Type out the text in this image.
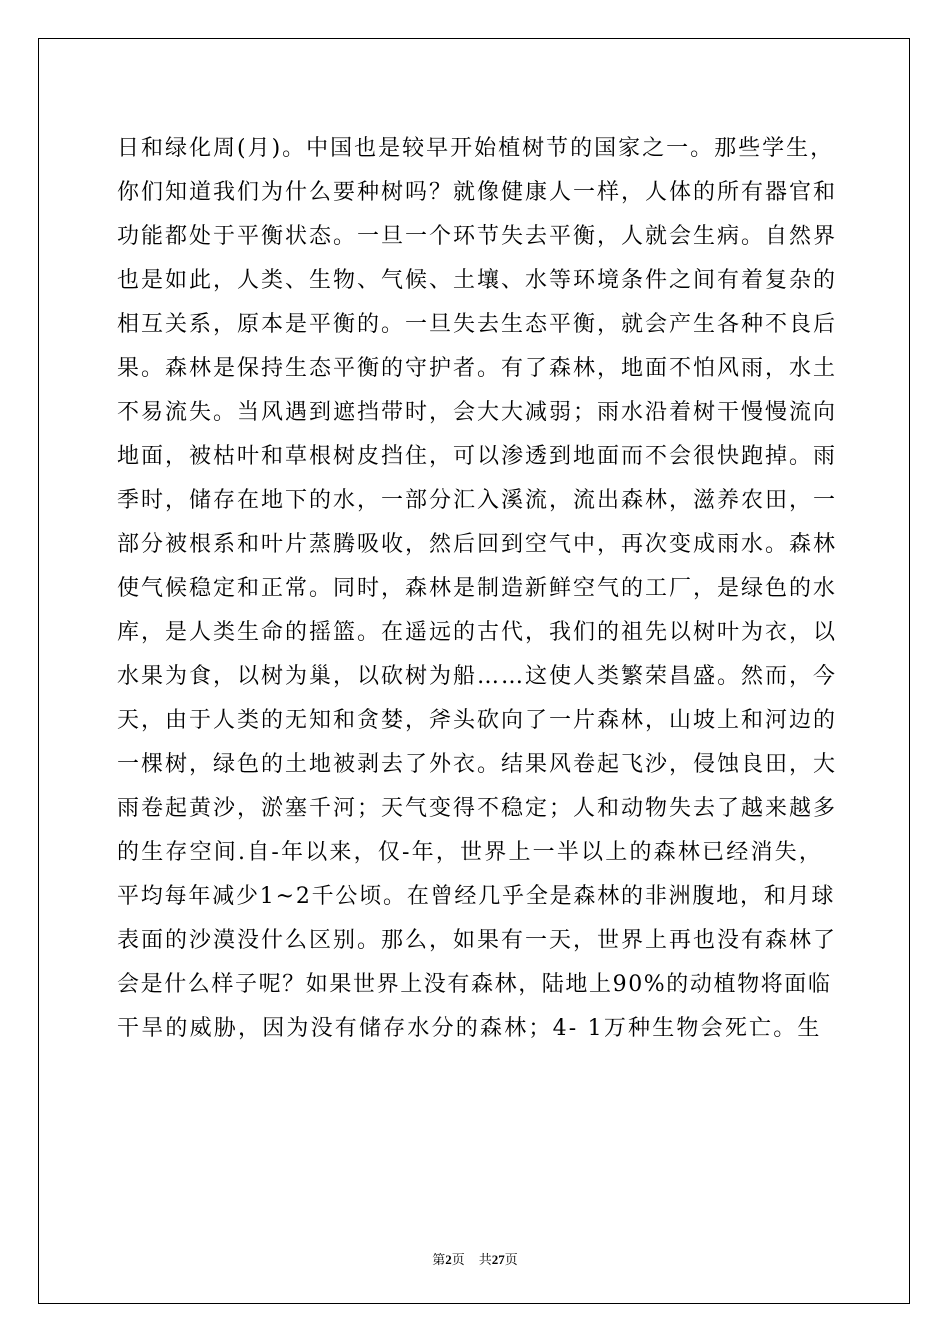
日和绿化周(月)。中国也是较早开始植树节的国家之一。那些学生，
你们知道我们为什么要种树吗？就像健康人一样，人体的所有器官和
功能都处于平衡状态。一旦一个环节失去平衡，人就会生病。自然界
也是如此，人类、生物、气候、土壤、水等环境条件之间有着复杂的
相互关系，原本是平衡的。一旦失去生态平衡，就会产生各种不良后
果。森林是保持生态平衡的守护者。有了森林，地面不怕风雨，水土
不易流失。当风遇到遮挡带时，会大大减弱；雨水沿着树干慢慢流向
地面，被枯叶和草根树皮挡住，可以渗透到地面而不会很快跑掉。雨
季时，储存在地下的水，一部分汇入溪流，流出森林，滋养农田，一
部分被根系和叶片蒸腾吸收，然后回到空气中，再次变成雨水。森林
使气候稳定和正常。同时，森林是制造新鲜空气的工厂，是绿色的水
库，是人类生命的摇篮。在遥远的古代，我们的祖先以树叶为衣，以
水果为食，以树为巢，以砍树为船……这使人类繁荣昌盛。然而，今
天，由于人类的无知和贪婪，斧头砍向了一片森林，山坡上和河边的
一棵树，绿色的土地被剥去了外衣。结果风卷起飞沙，侵蚀良田，大
雨卷起黄沙，淤塞千河；天气变得不稳定；人和动物失去了越来越多
的生存空间.自-年以来，仅-年，世界上一半以上的森林已经消失，
平均每年减少1~2千公顷。在曾经几乎全是森林的非洲腹地，和月球
表面的沙漠没什么区别。那么，如果有一天，世界上再也没有森林了
会是什么样子呢？如果世界上没有森林，陆地上90%的动植物将面临
干旱的威胁，因为没有储存水分的森林；4- 1万种生物会死亡。生
第2页 共27页
